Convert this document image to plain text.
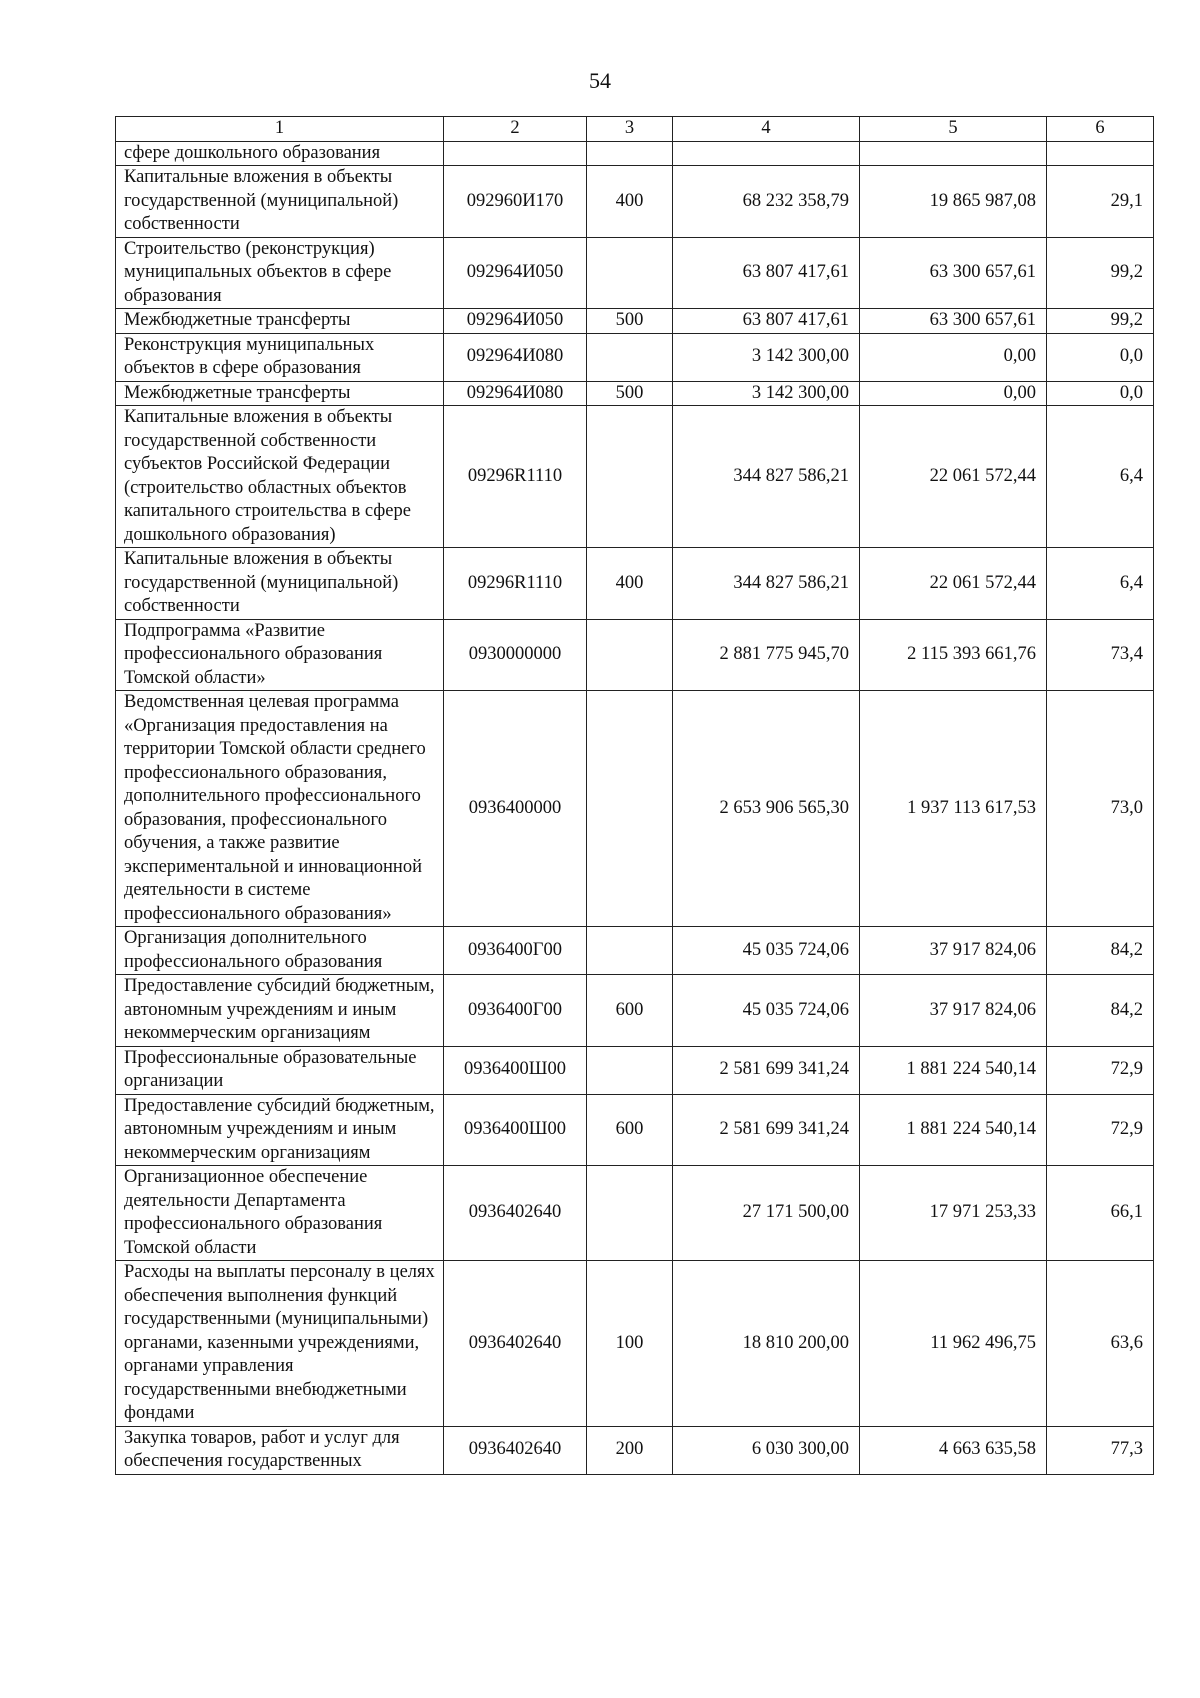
54
1	2	3	4	5	6
сфере дошкольного образования					
Капитальные вложения в объекты государственной (муниципальной) собственности	092960И170	400	68 232 358,79	19 865 987,08	29,1
Строительство (реконструкция) муниципальных объектов в сфере образования	092964И050		63 807 417,61	63 300 657,61	99,2
Межбюджетные трансферты	092964И050	500	63 807 417,61	63 300 657,61	99,2
Реконструкция муниципальных объектов в сфере образования	092964И080		3 142 300,00	0,00	0,0
Межбюджетные трансферты	092964И080	500	3 142 300,00	0,00	0,0
Капитальные вложения в объекты государственной собственности субъектов Российской Федерации (строительство областных объектов капитального строительства в сфере дошкольного образования)	09296R1110		344 827 586,21	22 061 572,44	6,4
Капитальные вложения в объекты государственной (муниципальной) собственности	09296R1110	400	344 827 586,21	22 061 572,44	6,4
Подпрограмма «Развитие профессионального образования Томской области»	0930000000		2 881 775 945,70	2 115 393 661,76	73,4
Ведомственная целевая программа «Организация предоставления на территории Томской области среднего профессионального образования, дополнительного профессионального образования, профессионального обучения, а также развитие экспериментальной и инновационной деятельности в системе профессионального образования»	0936400000		2 653 906 565,30	1 937 113 617,53	73,0
Организация дополнительного профессионального образования	0936400Г00		45 035 724,06	37 917 824,06	84,2
Предоставление субсидий бюджетным, автономным учреждениям и иным некоммерческим организациям	0936400Г00	600	45 035 724,06	37 917 824,06	84,2
Профессиональные образовательные организации	0936400Ш00		2 581 699 341,24	1 881 224 540,14	72,9
Предоставление субсидий бюджетным, автономным учреждениям и иным некоммерческим организациям	0936400Ш00	600	2 581 699 341,24	1 881 224 540,14	72,9
Организационное обеспечение деятельности Департамента профессионального образования Томской области	0936402640		27 171 500,00	17 971 253,33	66,1
Расходы на выплаты персоналу в целях обеспечения выполнения функций государственными (муниципальными) органами, казенными учреждениями, органами управления государственными внебюджетными фондами	0936402640	100	18 810 200,00	11 962 496,75	63,6
Закупка товаров, работ и услуг для обеспечения государственных	0936402640	200	6 030 300,00	4 663 635,58	77,3
